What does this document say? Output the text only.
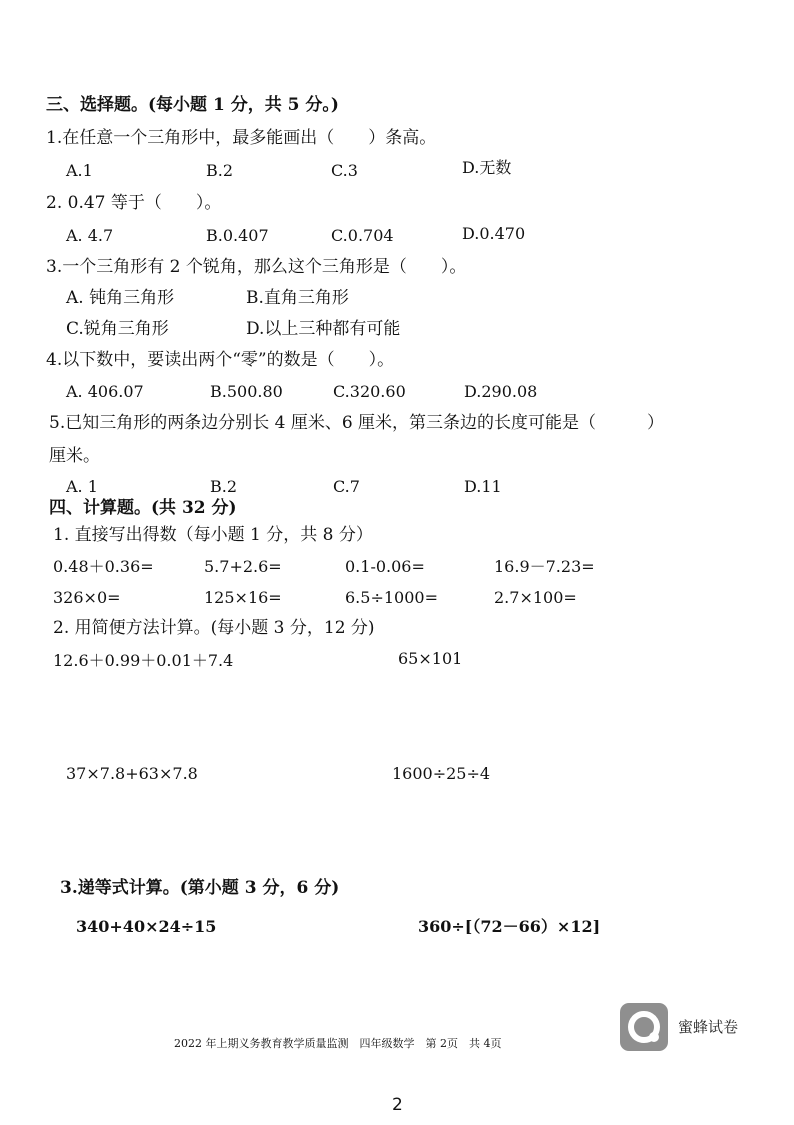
三、选择题。(每小题 1 分，共 5 分。)
1.在任意一个三角形中，最多能画出（　　）条高。
A.1	B.2	C.3	D.无数
2. 0.47 等于（　　）。
A. 4.7	B.0.407	C.0.704	D.0.470
3.一个三角形有 2 个锐角，那么这个三角形是（　　）。
A. 钝角三角形	B.直角三角形
C.锐角三角形	D.以上三种都有可能
4.以下数中，要读出两个“零”的数是（　　）。
A. 406.07	B.500.80	C.320.60	D.290.08
5.已知三角形的两条边分别长 4 厘米、6 厘米，第三条边的长度可能是（　　　）
厘米。
A. 1	B.2	C.7	D.11
四、计算题。(共 32 分)
1. 直接写出得数（每小题 1 分，共 8 分）
0.48＋0.36=	5.7+2.6=	0.1-0.06=	16.9－7.23=
326×0=	125×16=	6.5÷1000=	2.7×100=
2. 用简便方法计算。(每小题 3 分，12 分)
12.6＋0.99＋0.01＋7.4	65×101
37×7.8+63×7.8	1600÷25÷4
3.递等式计算。(第小题 3 分，6 分)
340+40×24÷15	360÷[（72－66）×12]
2022 年上期义务教育教学质量监测　四年级数学　第 2页　共 4页
蜜蜂试卷
2
